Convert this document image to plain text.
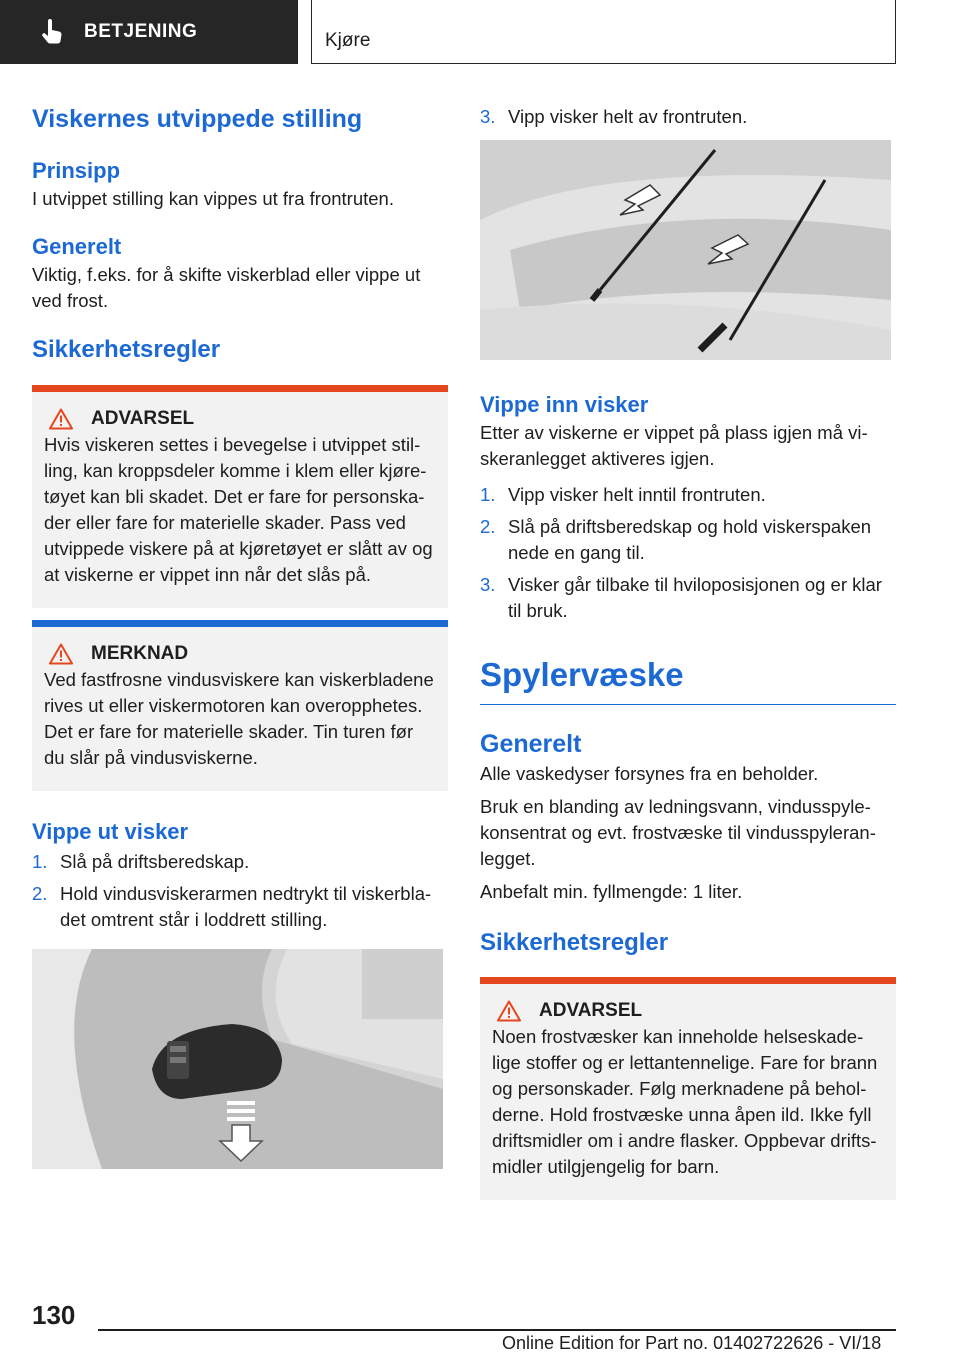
BETJENING	Kjøre
Viskernes utvippede stilling
Prinsipp

I utvippet stilling kan vippes ut fra frontruten.

Generelt

Viktig, f.eks. for å skifte viskerblad eller vippe ut ved frost.

Sikkerhetsregler
ADVARSEL

Hvis viskeren settes i bevegelse i utvippet stilling, kan kroppsdeler komme i klem eller kjøretøyet kan bli skadet. Det er fare for personskader eller fare for materielle skader. Pass ved utvippede viskere på at kjøretøyet er slått av og at viskerne er vippet inn når det slås på.

MERKNAD

Ved fastfrosne vindusviskere kan viskerbladene rives ut eller viskermotoren kan overopphetes. Det er fare for materielle skader. Tin turen før du slår på vindusviskerne.

Vippe ut visker
1. Slå på driftsberedskap.
2. Hold vindusviskerarmen nedtrykt til viskerbladet omtrent står i loddrett stilling.
3. Vipp visker helt av frontruten.
Vippe inn visker

Etter av viskerne er vippet på plass igjen må viskeranlegget aktiveres igjen.

1. Vipp visker helt inntil frontruten.
2. Slå på driftsberedskap og hold viskerspaken nede en gang til.
3. Visker går tilbake til hviloposisjonen og er klar til bruk.
Spylervæske
Generelt

Alle vaskedyser forsynes fra en beholder.

Bruk en blanding av ledningsvann, vindusspylekonsentrat og evt. frostvæske til vindusspyleranlegget.

Anbefalt min. fyllmengde: 1 liter.

Sikkerhetsregler
ADVARSEL

Noen frostvæsker kan inneholde helseskadelige stoffer og er lettantennelige. Fare for brann og personskader. Følg merknadene på beholderne. Hold frostvæske unna åpen ild. Ikke fyll driftsmidler om i andre flasker. Oppbevar driftsmidler utilgjengelig for barn.

130
Online Edition for Part no. 01402722626 - VI/18
